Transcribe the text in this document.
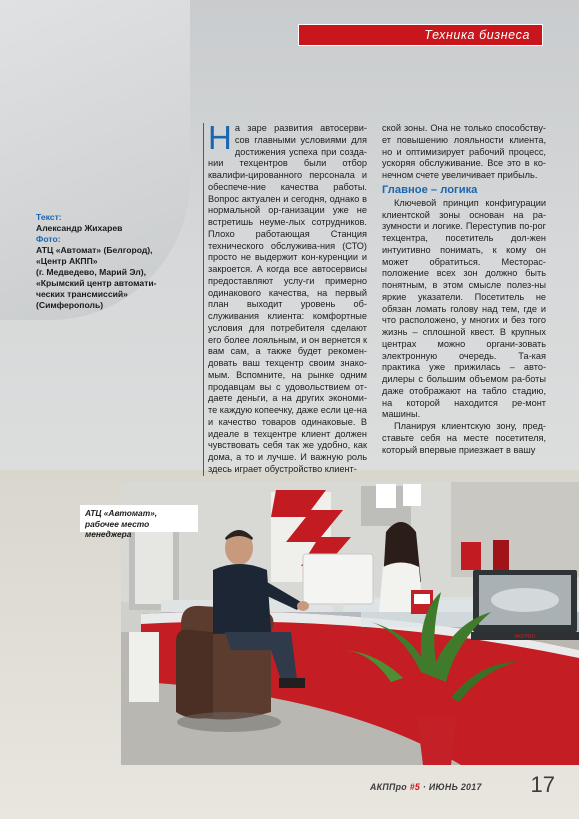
Техника бизнеса
Текст:
Александр Жихарев
Фото:
АТЦ «Автомат» (Белгород),
«Центр АКПП»
(г. Медведево, Марий Эл),
«Крымский центр автомати-
ческих трансмиссий»
(Симферополь)
На заре развития автосерви-сов главными условиями для достижения успеха при созда-нии техцентров были отбор квалифи-цированного персонала и обеспече-ние качества работы. Вопрос актуален и сегодня, однако в нормальной ор-ганизации уже не встретишь неуме-лых сотрудников. Плохо работающая Станция технического обслужива-ния (СТО) просто не выдержит кон-куренции и закроется. А когда все автосервисы предоставляют услу-ги примерно одинакового качества, на первый план выходит уровень об-служивания клиента: комфортные условия для потребителя сделают его более лояльным, и он вернется к вам сам, а также будет рекомен-довать ваш техцентр своим знако-мым. Вспомните, на рынке одним продавцам вы с удовольствием от-даете деньги, а на других экономи-те каждую копеечку, даже если це-на и качество товаров одинаковые. В идеале в техцентре клиент должен чувствовать себя так же удобно, как дома, а то и лучше. И важную роль здесь играет обустройство клиент-

ской зоны. Она не только способству-ет повышению лояльности клиента, но и оптимизирует рабочий процесс, ускоряя обслуживание. Все это в ко-нечном счете увеличивает прибыль.

Главное – логика

Ключевой принцип конфигурации клиентской зоны основан на ра-зумности и логике. Переступив по-рог техцентра, посетитель дол-жен интуитивно понимать, к кому он может обратиться. Месторас-положение всех зон должно быть понятным, в этом смысле полез-ны яркие указатели. Посетитель не обязан ломать голову над тем, где и что расположено, у многих и без того жизнь – сплошной квест. В крупных центрах можно органи-зовать электронную очередь. Та-кая практика уже прижилась – авто-дилеры с большим объемом ра-боты даже отображают на табло стадию, на которой находится ре-монт машины.

Планируя клиентскую зону, пред-ставьте себя на месте посетителя, который впервые приезжает в вашу

AKPPRO
АТЦ «Автомат»,
рабочее место менеджера
АКППро #5 · ИЮНЬ 2017 17
